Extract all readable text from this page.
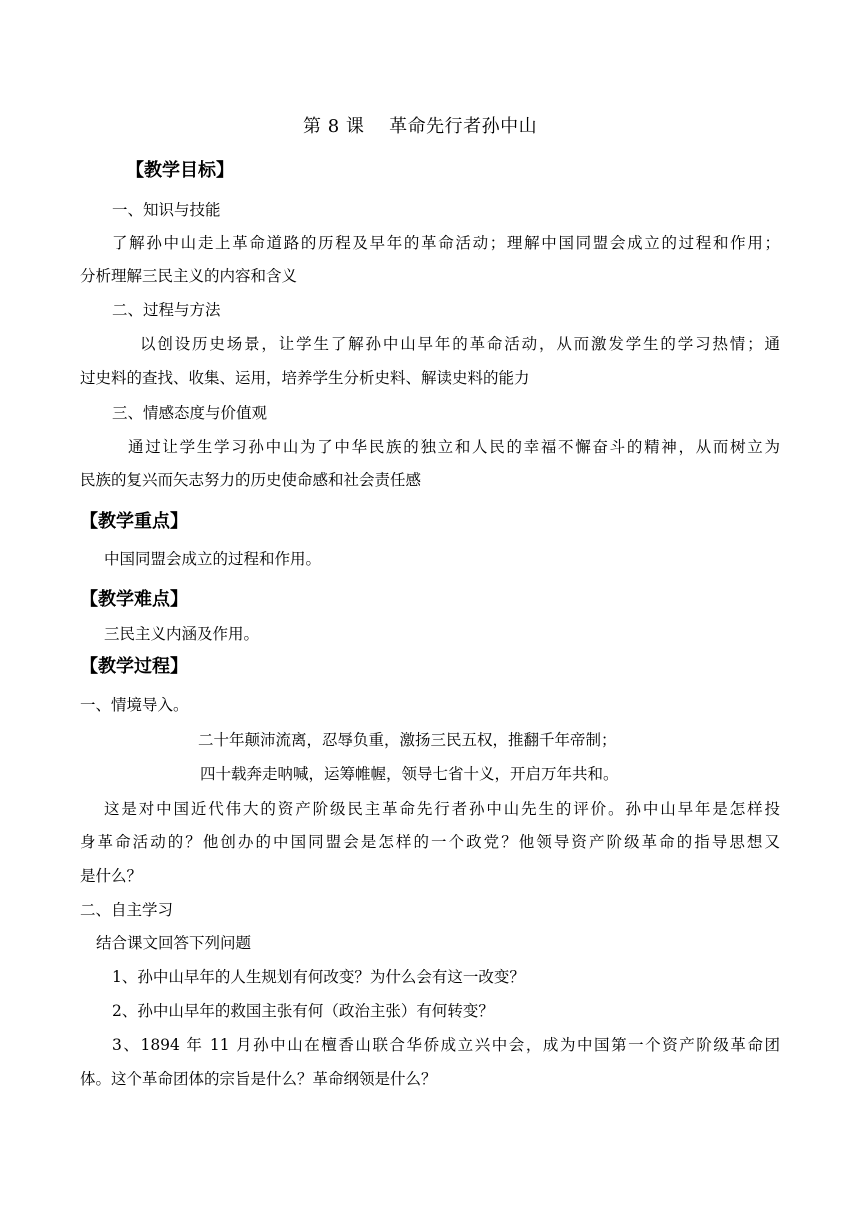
第 8 课　 革命先行者孙中山
【教学目标】
一、知识与技能
了解孙中山走上革命道路的历程及早年的革命活动；理解中国同盟会成立的过程和作用；
分析理解三民主义的内容和含义
二、过程与方法
以创设历史场景，让学生了解孙中山早年的革命活动，从而激发学生的学习热情；通
过史料的查找、收集、运用，培养学生分析史料、解读史料的能力
三、情感态度与价值观
通过让学生学习孙中山为了中华民族的独立和人民的幸福不懈奋斗的精神，从而树立为
民族的复兴而矢志努力的历史使命感和社会责任感
【教学重点】
中国同盟会成立的过程和作用。
【教学难点】
三民主义内涵及作用。
【教学过程】
一、情境导入。
二十年颠沛流离，忍辱负重，激扬三民五权，推翻千年帝制；
四十载奔走呐喊，运筹帷幄，领导七省十义，开启万年共和。
这是对中国近代伟大的资产阶级民主革命先行者孙中山先生的评价。孙中山早年是怎样投
身革命活动的？他创办的中国同盟会是怎样的一个政党？他领导资产阶级革命的指导思想又
是什么？
二、自主学习
结合课文回答下列问题
1、孙中山早年的人生规划有何改变？为什么会有这一改变？
2、孙中山早年的救国主张有何（政治主张）有何转变？
3、1894 年 11 月孙中山在檀香山联合华侨成立兴中会，成为中国第一个资产阶级革命团
体。这个革命团体的宗旨是什么？革命纲领是什么？
